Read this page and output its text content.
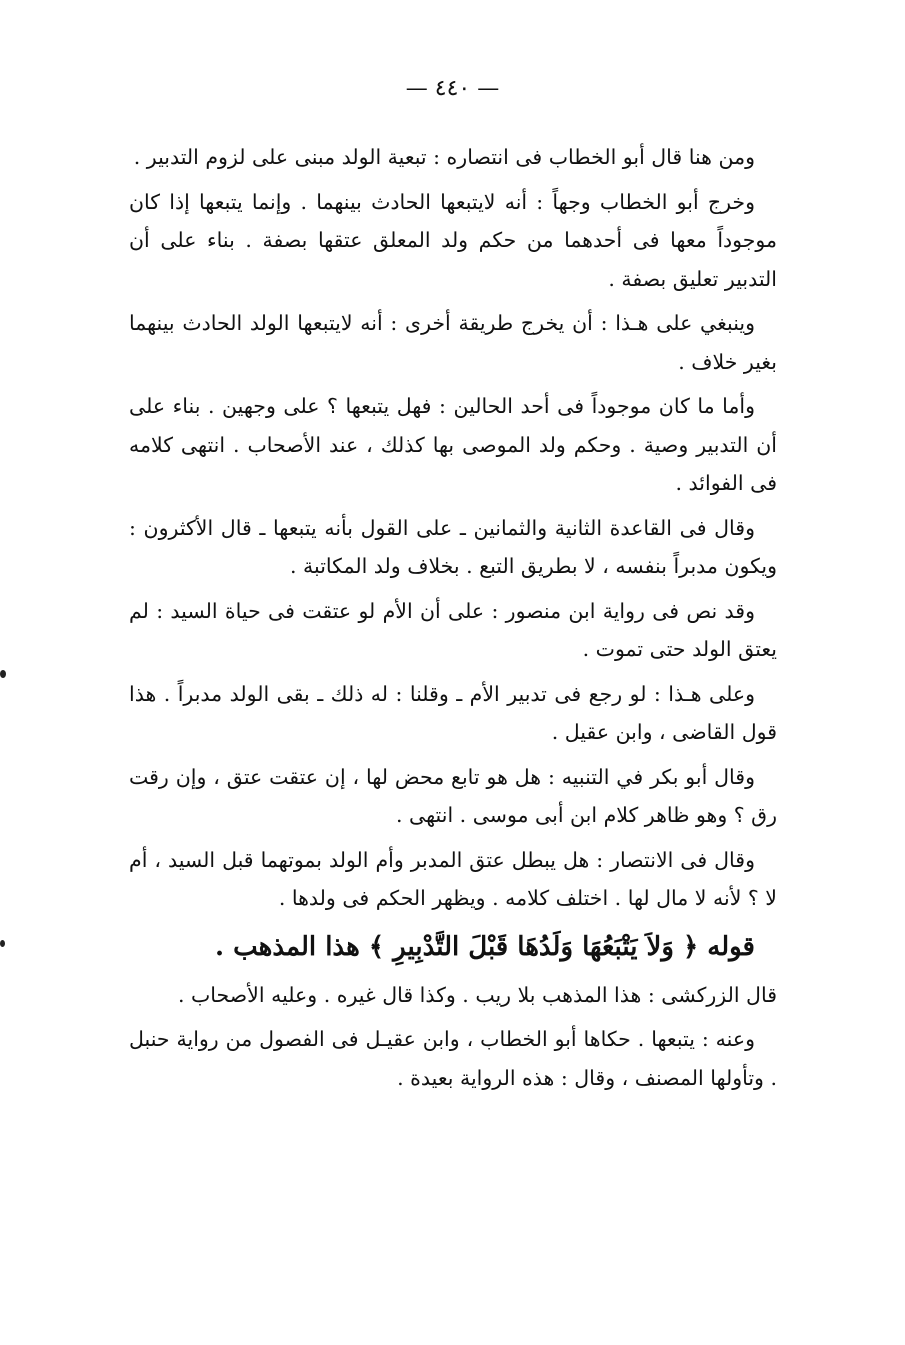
— ٤٤٠ —

ومن هنا قال أبو الخطاب فى انتصاره : تبعية الولد مبنى على لزوم التدبير .

وخرج أبو الخطاب وجهاً : أنه لايتبعها الحادث بينهما . وإنما يتبعها إذا كان موجوداً معها فى أحدهما من حكم ولد المعلق عتقها بصفة . بناء على أن التدبير تعليق بصفة .

وينبغي على هـذا : أن يخرج طريقة أخرى : أنه لايتبعها الولد الحادث بينهما بغير خلاف .

وأما ما كان موجوداً فى أحد الحالين : فهل يتبعها ؟ على وجهين . بناء على أن التدبير وصية . وحكم ولد الموصى بها كذلك ، عند الأصحاب . انتهى كلامه فى الفوائد .

وقال فى القاعدة الثانية والثمانين ـ على القول بأنه يتبعها ـ قال الأكثرون : ويكون مدبراً بنفسه ، لا بطريق التبع . بخلاف ولد المكاتبة .

وقد نص فى رواية ابن منصور : على أن الأم لو عتقت فى حياة السيد : لم يعتق الولد حتى تموت .

وعلى هـذا : لو رجع فى تدبير الأم ـ وقلنا : له ذلك ـ بقى الولد مدبراً . هذا قول القاضى ، وابن عقيل .

وقال أبو بكر في التنبيه : هل هو تابع محض لها ، إن عتقت عتق ، وإن رقت رق ؟ وهو ظاهر كلام ابن أبى موسى . انتهى .

وقال فى الانتصار : هل يبطل عتق المدبر وأم الولد بموتهما قبل السيد ، أم لا ؟ لأنه لا مال لها . اختلف كلامه . ويظهر الحكم فى ولدها .

قوله ﴿ وَلاَ يَتْبَعُهَا وَلَدُهَا قَبْلَ التَّدْبِيرِ ﴾ هذا المذهب .

قال الزركشى : هذا المذهب بلا ريب . وكذا قال غيره . وعليه الأصحاب .

وعنه : يتبعها . حكاها أبو الخطاب ، وابن عقيـل فى الفصول من رواية حنبل . وتأولها المصنف ، وقال : هذه الرواية بعيدة .
